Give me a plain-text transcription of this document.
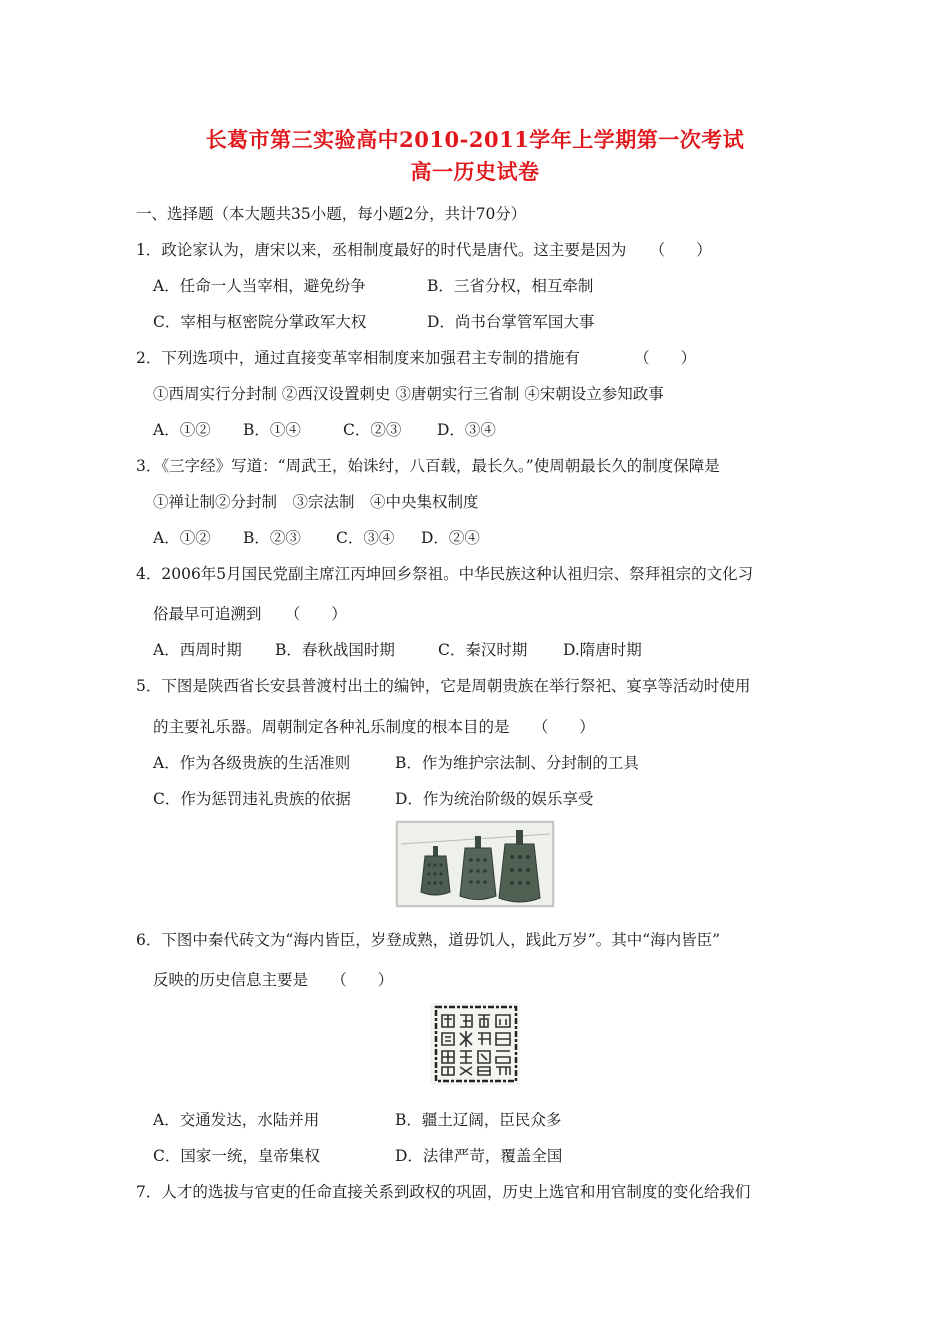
长葛市第三实验高中2010-2011学年上学期第一次考试
高一历史试卷
一、选择题（本大题共35小题，每小题2分，共计70分）
1．政论家认为，唐宋以来，丞相制度最好的时代是唐代。这主要是因为　　（　　）
A．任命一人当宰相，避免纷争	B．三省分权，相互牵制
C．宰相与枢密院分掌政军大权	D．尚书台掌管军国大事
2．下列选项中，通过直接变革宰相制度来加强君主专制的措施有　　　　（　　）
①西周实行分封制 ②西汉设置刺史 ③唐朝实行三省制 ④宋朝设立参知政事
A．①② B．①④	C．②③ D．③④
3．《三字经》写道：“周武王，始诛纣，八百载，最长久。”使周朝最长久的制度保障是
①禅让制②分封制　③宗法制　④中央集权制度
A．①② B．②③ C．③④ D．②④
4．2006年5月国民党副主席江丙坤回乡祭祖。中华民族这种认祖归宗、祭拜祖宗的文化习
俗最早可追溯到　　（　　）
A．西周时期 B．春秋战国时期	C．秦汉时期 D.隋唐时期
5．下图是陕西省长安县普渡村出土的编钟，它是周朝贵族在举行祭祀、宴享等活动时使用
的主要礼乐器。周朝制定各种礼乐制度的根本目的是　　（　　）
A．作为各级贵族的生活准则	B．作为维护宗法制、分封制的工具
C．作为惩罚违礼贵族的依据	D．作为统治阶级的娱乐享受
6．下图中秦代砖文为“海内皆臣，岁登成熟，道毋饥人，践此万岁”。其中“海内皆臣”
反映的历史信息主要是　　（　　）
A．交通发达，水陆并用	B．疆土辽阔，臣民众多
C．国家一统，皇帝集权	D．法律严苛，覆盖全国
7．人才的选拔与官吏的任命直接关系到政权的巩固，历史上选官和用官制度的变化给我们
